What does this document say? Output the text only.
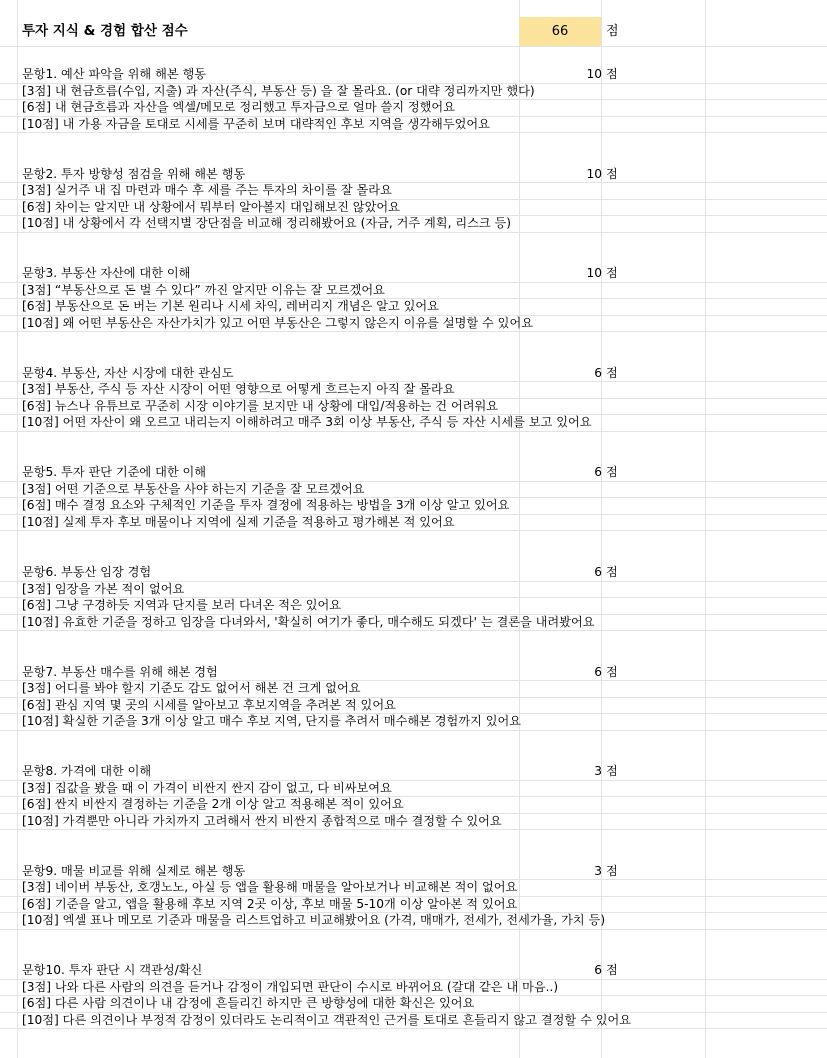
투자 지식 & 경험 합산 점수	66	점
문항1. 예산 파악을 위해 해본 행동	10 점
[3점] 내 현금흐름(수입, 지출) 과 자산(주식, 부동산 등) 을 잘 몰라요. (or 대략 정리까지만 했다)
[6점] 내 현금흐름과 자산을 엑셀/메모로 정리했고 투자금으로 얼마 쓸지 정했어요
[10점] 내 가용 자금을 토대로 시세를 꾸준히 보며 대략적인 후보 지역을 생각해두었어요
문항2. 투자 방향성 점검을 위해 해본 행동	10 점
[3점] 실거주 내 집 마련과 매수 후 세를 주는 투자의 차이를 잘 몰라요
[6점] 차이는 알지만 내 상황에서 뭐부터 알아볼지 대입해보진 않았어요
[10점] 내 상황에서 각 선택지별 장단점을 비교해 정리해봤어요 (자금, 거주 계획, 리스크 등)
문항3. 부동산 자산에 대한 이해	10 점
[3점] “부동산으로 돈 벌 수 있다” 까진 알지만 이유는 잘 모르겠어요
[6점] 부동산으로 돈 버는 기본 원리나 시세 차익, 레버리지 개념은 알고 있어요
[10점] 왜 어떤 부동산은 자산가치가 있고 어떤 부동산은 그렇지 않은지 이유를 설명할 수 있어요
문항4. 부동산, 자산 시장에 대한 관심도	6 점
[3점] 부동산, 주식 등 자산 시장이 어떤 영향으로 어떻게 흐르는지 아직 잘 몰라요
[6점] 뉴스나 유튜브로 꾸준히 시장 이야기를 보지만 내 상황에 대입/적용하는 건 어려워요
[10점] 어떤 자산이 왜 오르고 내리는지 이해하려고 매주 3회 이상 부동산, 주식 등 자산 시세를 보고 있어요
문항5. 투자 판단 기준에 대한 이해	6 점
[3점] 어떤 기준으로 부동산을 사야 하는지 기준을 잘 모르겠어요
[6점] 매수 결정 요소와 구체적인 기준을 투자 결정에 적용하는 방법을 3개 이상 알고 있어요
[10점] 실제 투자 후보 매물이나 지역에 실제 기준을 적용하고 평가해본 적 있어요
문항6. 부동산 임장 경험	6 점
[3점] 임장을 가본 적이 없어요
[6점] 그냥 구경하듯 지역과 단지를 보러 다녀온 적은 있어요
[10점] 유효한 기준을 정하고 임장을 다녀와서, '확실히 여기가 좋다, 매수해도 되겠다' 는 결론을 내려봤어요
문항7. 부동산 매수를 위해 해본 경험	6 점
[3점] 어디를 봐야 할지 기준도 감도 없어서 해본 건 크게 없어요
[6점] 관심 지역 몇 곳의 시세를 알아보고 후보지역을 추려본 적 있어요
[10점] 확실한 기준을 3개 이상 알고 매수 후보 지역, 단지를 추려서 매수해본 경험까지 있어요
문항8. 가격에 대한 이해	3 점
[3점] 집값을 봤을 때 이 가격이 비싼지 싼지 감이 없고, 다 비싸보여요
[6점] 싼지 비싼지 결정하는 기준을 2개 이상 알고 적용해본 적이 있어요
[10점] 가격뿐만 아니라 가치까지 고려해서 싼지 비싼지 종합적으로 매수 결정할 수 있어요
문항9. 매물 비교를 위해 실제로 해본 행동	3 점
[3점] 네이버 부동산, 호갱노노, 아실 등 앱을 활용해 매물을 알아보거나 비교해본 적이 없어요
[6점] 기준을 알고, 앱을 활용해 후보 지역 2곳 이상, 후보 매물 5-10개 이상 알아본 적 있어요
[10점] 엑셀 표나 메모로 기준과 매물을 리스트업하고 비교해봤어요 (가격, 매매가, 전세가, 전세가율, 가치 등)
문항10. 투자 판단 시 객관성/확신	6 점
[3점] 나와 다른 사람의 의견을 듣거나 감정이 개입되면 판단이 수시로 바뀌어요 (갈대 같은 내 마음..)
[6점] 다른 사람 의견이나 내 감정에 흔들리긴 하지만 큰 방향성에 대한 확신은 있어요
[10점] 다른 의견이나 부정적 감정이 있더라도 논리적이고 객관적인 근거를 토대로 흔들리지 않고 결정할 수 있어요
